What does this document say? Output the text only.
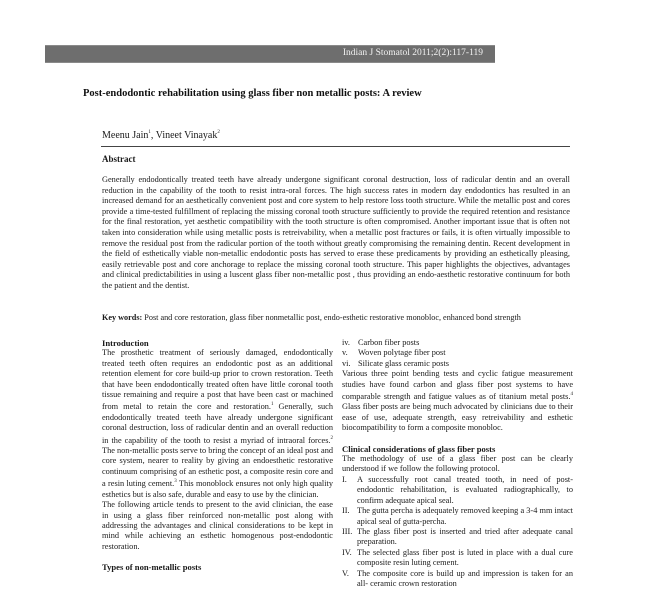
Indian J Stomatol 2011;2(2):117-119
Post-endodontic rehabilitation using glass fiber non metallic posts: A review
Meenu Jain$^1$, Vineet Vinayak$^2$
Abstract
Generally endodontically treated teeth have already undergone significant coronal destruction, loss of radicular dentin and an overall reduction in the capability of the tooth to resist intra-oral forces. The high success rates in modern day endodontics has resulted in an increased demand for an aesthetically convenient post and core system to help restore loss tooth structure. While the metallic post and cores provide a time-tested fulfillment of replacing the missing coronal tooth structure sufficiently to provide the required retention and resistance for the final restoration, yet aesthetic compatibility with the tooth structure is often compromised. Another important issue that is often not taken into consideration while using metallic posts is retreivability, when a metallic post fractures or fails, it is often virtually impossible to remove the residual post from the radicular portion of the tooth without greatly compromising the remaining dentin. Recent development in the field of esthetically viable non-metallic endodontic posts has served to erase these predicaments by providing an esthetically pleasing, easily retrievable post and core anchorage to replace the missing coronal tooth structure. This paper highlights the objectives, advantages and clinical predictabilities in using a luscent glass fiber non-metallic post , thus providing an endo-aesthetic restorative continuum for both the patient and the dentist.
Key words: Post and core restoration, glass fiber nonmetallic post, endo-esthetic restorative monobloc, enhanced bond strength
Introduction
The prosthetic treatment of seriously damaged, endodontically treated teeth often requires an endodontic post as an additional retention element for core build-up prior to crown restoration. Teeth that have been endodontically treated often have little coronal tooth tissue remaining and require a post that have been cast or machined from metal to retain the core and restoration.$^1$ Generally, such endodontically treated teeth have already undergone significant coronal destruction, loss of radicular dentin and an overall reduction in the capability of the tooth to resist a myriad of intraoral forces.$^2$ The non-metallic posts serve to bring the concept of an ideal post and core system, nearer to reality by giving an endoesthetic restorative continuum comprising of an esthetic post, a composite resin core and a resin luting cement.$^3$ This monoblock ensures not only high quality esthetics but is also safe, durable and easy to use by the clinician.
The following article tends to present to the avid clinician, the ease in using a glass fiber reinforced non-metallic post along with addressing the advantages and clinical considerations to be kept in mind while achieving an esthetic homogenous post-endodontic restoration.
Types of non-metallic posts
iv. Carbon fiber posts
v.	Woven polytage fiber post
vi. Silicate glass ceramic posts
Various three point bending tests and cyclic fatigue measurement studies have found carbon and glass fiber post systems to have comparable strength and fatigue values as of titanium metal posts.$^4$ Glass fiber posts are being much advocated by clinicians due to their ease of use, adequate strength, easy retreivability and esthetic biocompatibility to form a composite monobloc.
Clinical considerations of glass fiber posts
The methodology of use of a glass fiber post can be clearly understood if we follow the following protocol.
I.	A successfully root canal treated tooth, in need of post-endodontic rehabilitation, is evaluated radiographically, to confirm adequate apical seal.
II. The gutta percha is adequately removed keeping a 3-4 mm intact apical seal of gutta-percha.
III. The glass fiber post is inserted and tried after adequate canal preparation.
IV. The selected glass fiber post is luted in place with a dual cure composite resin luting cement.
V. The composite core is build up and impression is taken for an all- ceramic crown restoration
